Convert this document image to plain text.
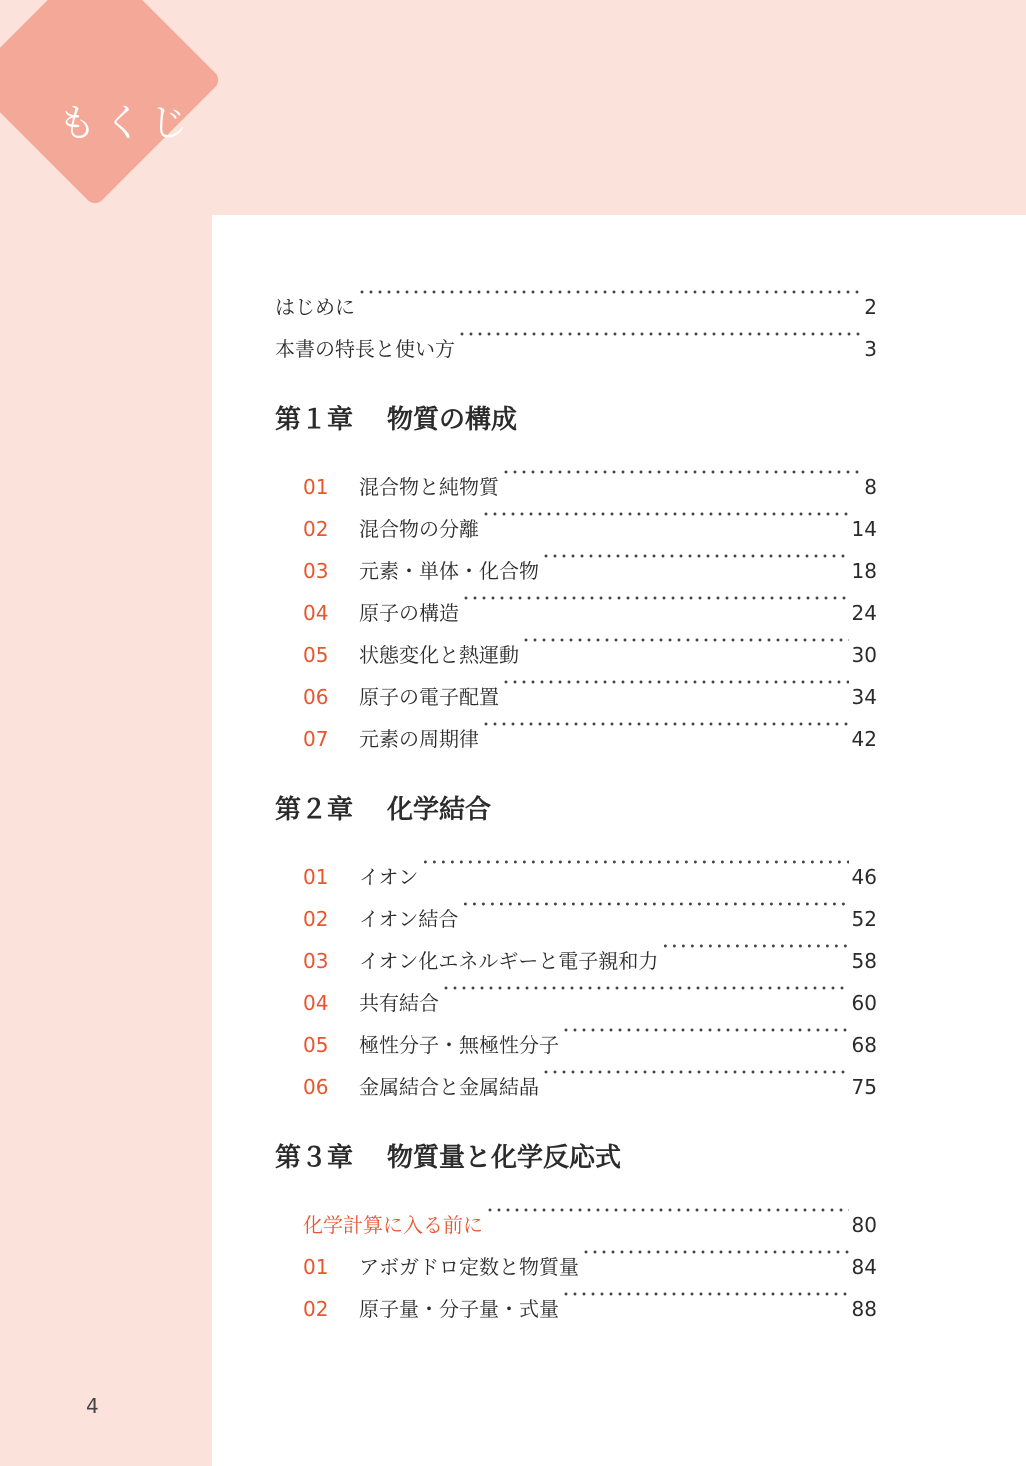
もくじ
はじめに ･････････････････････････････････････････････････････････････････････････････････････････････････････････	2
本書の特長と使い方 ･････････････････････････････････････････････････････････････････････････････････････････････････････････	3
第１章	物質の構成
01	混合物と純物質 ･････････････････････････････････････････････････････････････････････････････････････････････････････････	8
02	混合物の分離 ･････････････････････････････････････････････････････････････････････････････････････････････････････････	14
03	元素・単体・化合物 ･････････････････････････････････････････････････････････････････････････････････････････････････････････	18
04	原子の構造 ･････････････････････････････････････････････････････････････････････････････････････････････････････････	24
05	状態変化と熱運動 ･････････････････････････････････････････････････････････････････････････････････････････････････････････	30
06	原子の電子配置 ･････････････････････････････････････････････････････････････････････････････････････････････････････････	34
07	元素の周期律 ･････････････････････････････････････････････････････････････････････････････････････････････････････････	42
第２章	化学結合
01	イオン ･････････････････････････････････････････････････････････････････････････････････････････････････････････	46
02	イオン結合 ･････････････････････････････････････････････････････････････････････････････････････････････････････････	52
03	イオン化エネルギーと電子親和力 ･････････････････････････････････････････････････････････････････････････････････････････････････････････	58
04	共有結合 ･････････････････････････････････････････････････････････････････････････････････････････････････････････	60
05	極性分子・無極性分子 ･････････････････････････････････････････････････････････････････････････････････････････････････････････	68
06	金属結合と金属結晶 ･････････････････････････････････････････････････････････････････････････････････････････････････････････	75
第３章	物質量と化学反応式
化学計算に入る前に ･････････････････････････････････････････････････････････････････････････････････････････････････････････	80
01	アボガドロ定数と物質量 ･････････････････････････････････････････････････････････････････････････････････････････････････････････	84
02	原子量・分子量・式量 ･････････････････････････････････････････････････････････････････････････････････････････････････････････	88
4
